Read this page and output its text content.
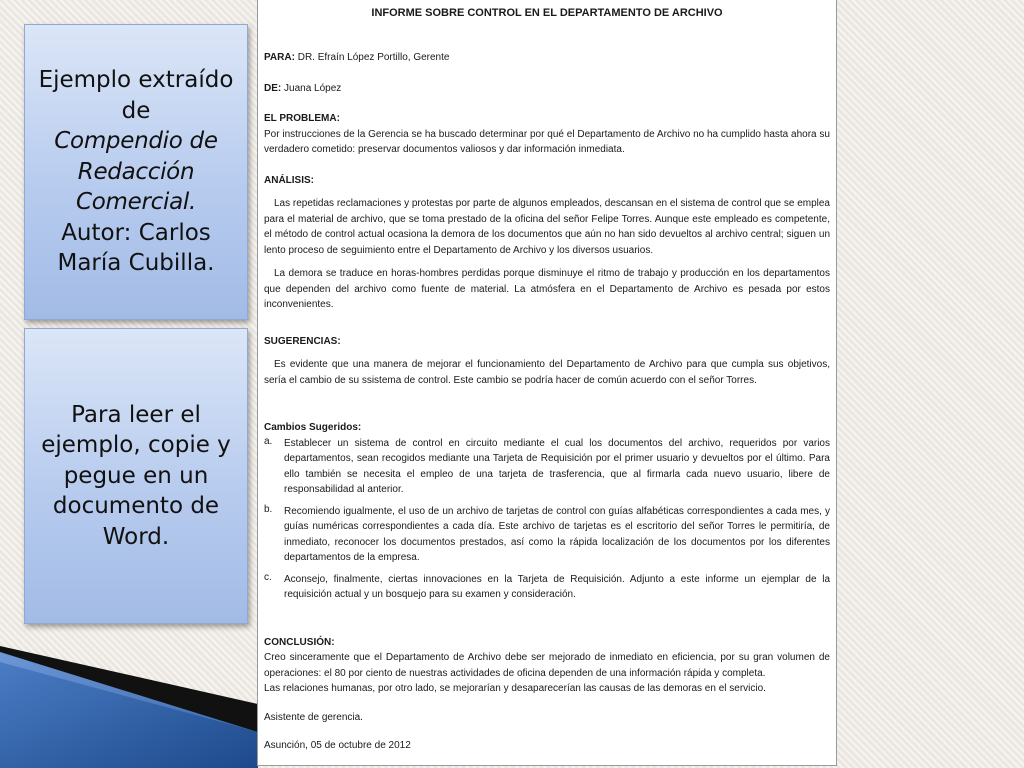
Ejemplo extraído de
Compendio de Redacción Comercial.
Autor: Carlos María Cubilla.
Para leer el ejemplo, copie y pegue en un documento de Word.
INFORME SOBRE CONTROL EN EL DEPARTAMENTO DE ARCHIVO

PARA: DR. Efraín López Portillo, Gerente

DE: Juana López

EL PROBLEMA:

Por instrucciones de la Gerencia se ha buscado determinar por qué el Departamento de Archivo no ha cumplido hasta ahora su verdadero cometido: preservar documentos valiosos y dar información inmediata.

ANÁLISIS:

Las repetidas reclamaciones y protestas por parte de algunos empleados, descansan en el sistema de control que se emplea para el material de archivo, que se toma prestado de la oficina del señor Felipe Torres. Aunque este empleado es competente, el método de control actual ocasiona la demora de los documentos que aún no han sido devueltos al archivo central; siguen un lento proceso de seguimiento entre el Departamento de Archivo y los diversos usuarios.

La demora se traduce en horas-hombres perdidas porque disminuye el ritmo de trabajo y producción en los departamentos que dependen del archivo como fuente de material. La atmósfera en el Departamento de Archivo es pesada por estos inconvenientes.

SUGERENCIAS:

Es evidente que una manera de mejorar el funcionamiento del Departamento de Archivo para que cumpla sus objetivos, sería el cambio de su ssistema de control. Este cambio se podría hacer de común acuerdo con el señor Torres.

Cambios Sugeridos:

a.	Establecer un sistema de control en circuito mediante el cual los documentos del archivo, requeridos por varios departamentos, sean recogidos mediante una Tarjeta de Requisición por el primer usuario y devueltos por el último. Para ello también se necesita el empleo de una tarjeta de trasferencia, que al firmarla cada nuevo usuario, libere de responsabilidad al anterior.
b.	Recomiendo igualmente, el uso de un archivo de tarjetas de control con guías alfabéticas correspondientes a cada mes, y guías numéricas correspondientes a cada día. Este archivo de tarjetas es el escritorio del señor Torres le permitiría, de inmediato, reconocer los documentos prestados, así como la rápida localización de los documentos por los diferentes departamentos de la empresa.
c.	Aconsejo, finalmente, ciertas innovaciones en la Tarjeta de Requisición. Adjunto a este informe un ejemplar de la requisición actual y un bosquejo para su examen y consideración.

CONCLUSIÓN:

Creo sinceramente que el Departamento de Archivo debe ser mejorado de inmediato en eficiencia, por su gran volumen de operaciones: el 80 por ciento de nuestras actividades de oficina dependen de una información rápida y completa.

Las relaciones humanas, por otro lado, se mejorarían y desaparecerían las causas de las demoras en el servicio.

Asistente de gerencia.

Asunción, 05 de octubre de 2012
